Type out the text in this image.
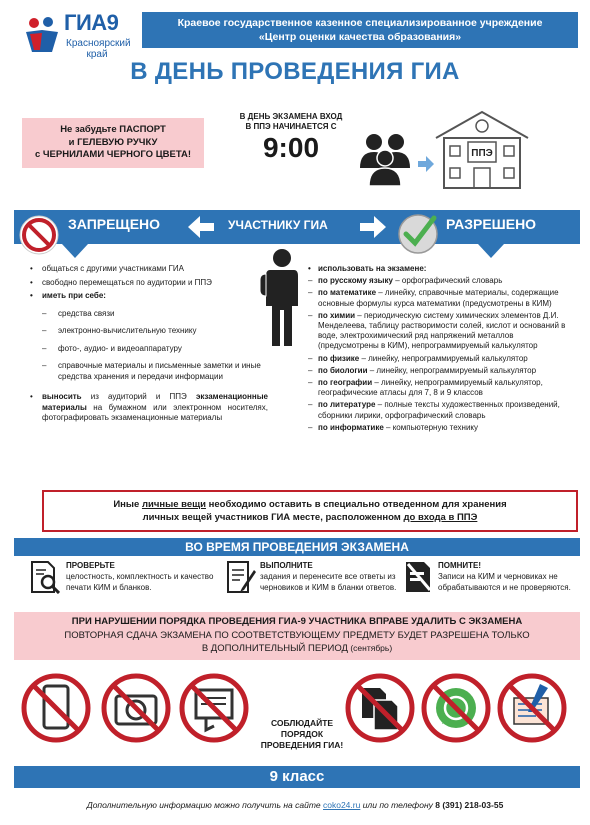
ГИА9
Красноярский
край
Краевое государственное казенное специализированное учреждение
«Центр оценки качества образования»
В ДЕНЬ ПРОВЕДЕНИЯ ГИА
Не забудьте ПАСПОРТ
и ГЕЛЕВУЮ РУЧКУ
с ЧЕРНИЛАМИ ЧЕРНОГО ЦВЕТА!
В ДЕНЬ ЭКЗАМЕНА ВХОД
В ППЭ НАЧИНАЕТСЯ С
9:00	ППЭ
ЗАПРЕЩЕНО	УЧАСТНИКУ ГИА	РАЗРЕШЕНО
• общаться с другими участниками ГИА
• свободно перемещаться по аудитории и ППЭ
• иметь при себе:
– средства связи
– электронно-вычислительную технику
– фото-, аудио- и видеоаппаратуру
– справочные материалы и письменные заметки и иные средства хранения и передачи информации
• выносить из аудиторий и ППЭ экзаменационные материалы на бумажном или электронном носителях, фотографировать экзаменационные материалы
• использовать на экзамене:
– по русскому языку – орфографический словарь
– по математике – линейку, справочные материалы, содержащие основные формулы курса математики (предусмотрены в КИМ)
– по химии – периодическую систему химических элементов Д.И. Менделеева, таблицу растворимости солей, кислот и оснований в воде, электрохимический ряд напряжений металлов (предусмотрены в КИМ), непрограммируемый калькулятор
– по физике – линейку, непрограммируемый калькулятор
– по биологии – линейку, непрограммируемый калькулятор
– по географии – линейку, непрограммируемый калькулятор, географические атласы для 7, 8 и 9 классов
– по литературе – полные тексты художественных произведений, сборники лирики, орфографический словарь
– по информатике – компьютерную технику
Иные личные вещи необходимо оставить в специально отведенном для хранения
личных вещей участников ГИА месте, расположенном до входа в ППЭ
ВО ВРЕМЯ ПРОВЕДЕНИЯ ЭКЗАМЕНА
ПРОВЕРЬТЕ
целостность, комплектность и качество печати КИМ и бланков.
ВЫПОЛНИТЕ
задания и перенесите все ответы из черновиков и КИМ в бланки ответов.
ПОМНИТЕ!
Записи на КИМ и черновиках не обрабатываются и не проверяются.
ПРИ НАРУШЕНИИ ПОРЯДКА ПРОВЕДЕНИЯ ГИА-9 УЧАСТНИКА ВПРАВЕ УДАЛИТЬ С ЭКЗАМЕНА
ПОВТОРНАЯ СДАЧА ЭКЗАМЕНА ПО СООТВЕТСТВУЮЩЕМУ ПРЕДМЕТУ БУДЕТ РАЗРЕШЕНА ТОЛЬКО
В ДОПОЛНИТЕЛЬНЫЙ ПЕРИОД (сентябрь)
СОБЛЮДАЙТЕ
ПОРЯДОК
ПРОВЕДЕНИЯ ГИА!
9 класс
Дополнительную информацию можно получить на сайте coko24.ru или по телефону 8 (391) 218-03-55
